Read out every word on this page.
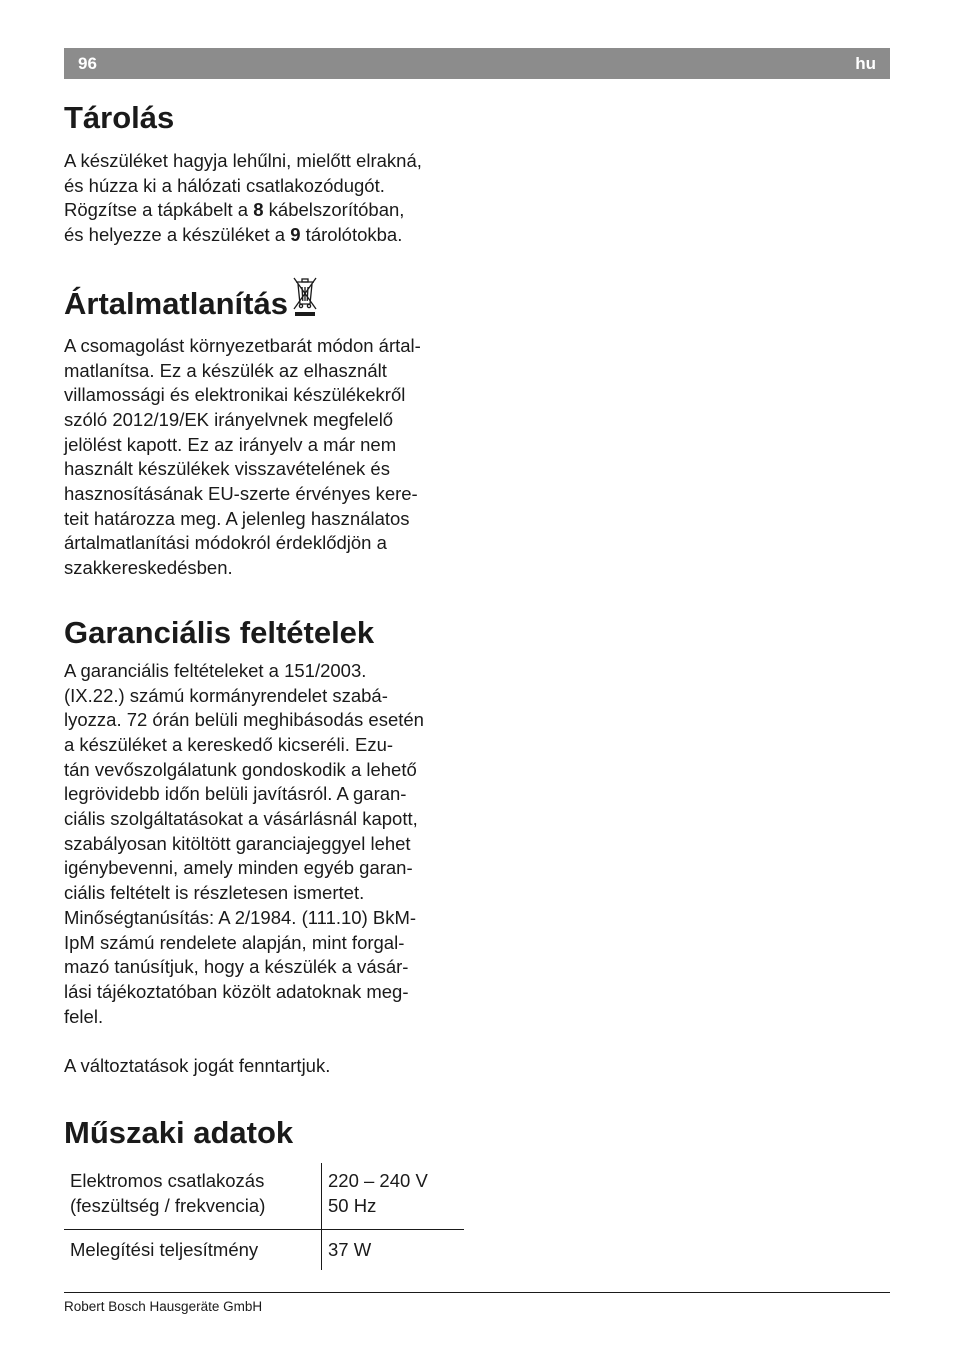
96	hu
Tárolás

A készüléket hagyja lehűlni, mielőtt elrakná,
és húzza ki a hálózati csatlakozódugót.
Rögzítse a tápkábelt a 8 kábelszorítóban,
és helyezze a készüléket a 9 tárolótokba.

Ártalmatlanítás

A csomagolást környezetbarát módon ártal-
matlanítsa. Ez a készülék az elhasznált
villamossági és elektronikai készülékekről
szóló 2012/19/EK irányelvnek megfelelő
jelölést kapott. Ez az irányelv a már nem
használt készülékek visszavételének és
hasznosításának EU-szerte érvényes kere-
teit határozza meg. A jelenleg használatos
ártalmatlanítási módokról érdeklődjön a
szakkereskedésben.

Garanciális feltételek

A garanciális feltételeket a 151/2003.
(IX.22.) számú kormányrendelet szabá-
lyozza. 72 órán belüli meghibásodás esetén
a készüléket a kereskedő kicseréli. Ezu-
tán vevőszolgálatunk gondoskodik a lehető
legrövidebb időn belüli javításról. A garan-
ciális szolgáltatásokat a vásárlásnál kapott,
szabályosan kitöltött garanciajeggyel lehet
igénybevenni, amely minden egyéb garan-
ciális feltételt is részletesen ismertet.
Minőségtanúsítás: A 2/1984. (111.10) BkM-
IpM számú rendelete alapján, mint forgal-
mazó tanúsítjuk, hogy a készülék a vásár-
lási tájékoztatóban közölt adatoknak meg-
felel.

A változtatások jogát fenntartjuk.

Műszaki adatok
Elektromos csatlakozás
(feszültség / frekvencia)	220 – 240 V
50 Hz

Melegítési teljesítmény	37 W
Robert Bosch Hausgeräte GmbH
